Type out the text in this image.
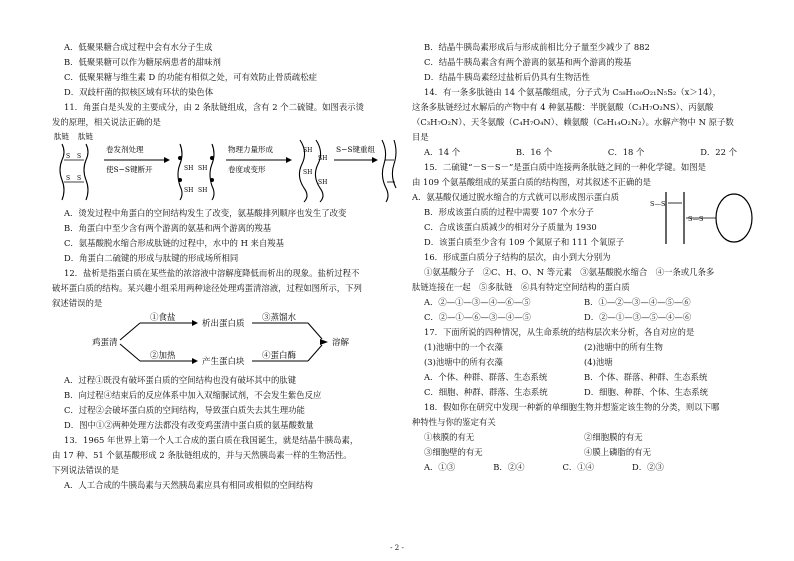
A．低聚果糖合成过程中会有水分子生成
B．低聚果糖可以作为糖尿病患者的甜味剂
C．低聚果糖与维生素 D 的功能有相似之处，可有效防止骨质疏松症
D．双歧杆菌的拟核区域有环状的染色体
11．角蛋白是头发的主要成分，由 2 条肽链组成，含有 2 个二硫键。如图表示烫
发的原理，相关说法正确的是
肽链 肽链
S S
S S
卷发剂处理
使S−S键断开	SH SH
SH SH
物理力量形成
卷度或变形
SH
SH
SH
SH
S−S键重组
A．烫发过程中角蛋白的空间结构发生了改变，氨基酸排列顺序也发生了改变
B．角蛋白中至少含有两个游离的氨基和两个游离的羧基
C．氨基酸脱水缩合形成肽链的过程中，水中的 H 来自羧基
D．角蛋白二硫键的形成与肽键的形成场所相同
12．盐析是指蛋白质在某些盐的浓溶液中溶解度降低而析出的现象。盐析过程不
破坏蛋白质的结构。某兴趣小组采用两种途径处理鸡蛋清溶液，过程如图所示，下列
叙述错误的是
鸡蛋清
①食盐
析出蛋白质
③蒸馏水
②加热
产生蛋白块
④蛋白酶
溶解
A．过程①既没有破坏蛋白质的空间结构也没有破坏其中的肽键
B．向过程④结束后的反应体系中加入双缩脲试剂，不会发生紫色反应
C．过程②会破坏蛋白质的空间结构，导致蛋白质失去其生理功能
D．图中①②两种处理方法都没有改变鸡蛋清中蛋白质的氨基酸数量
13．1965 年世界上第一个人工合成的蛋白质在我国诞生，就是结晶牛胰岛素，
由 17 种、51 个氨基酸形成 2 条肽链组成的，并与天然胰岛素一样的生物活性。
下列说法错误的是
A．人工合成的牛胰岛素与天然胰岛素应具有相同或相似的空间结构
B．结晶牛胰岛素形成后与形成前相比分子量至少减少了 882
C．结晶牛胰岛素含有两个游离的氨基和两个游离的羧基
D．结晶牛胰岛素经过盐析后仍具有生物活性
14．有一条多肽链由 14 个氨基酸组成，分子式为 C₅₈H₁₀₀O₂₁N₅S₂（x＞14），
这条多肽链经过水解后的产物中有 4 种氨基酸：半胱氨酸（C₃H₇O₂NS）、丙氨酸
（C₃H₇O₂N）、天冬氨酸（C₄H₇O₄N）、赖氨酸（C₆H₁₄O₂N₂）。水解产物中 N 原子数
目是
A．14 个	B．16 个	C．18 个	D．22 个
15．二硫键“－S－S－”是蛋白质中连接两条肽链之间的一种化学键。如图是
由 109 个氨基酸组成的某蛋白质的结构图，对其叙述不正确的是
A．氨基酸仅通过脱水缩合的方式就可以形成图示蛋白质
B．形成该蛋白质的过程中需要 107 个水分子
C．合成该蛋白质减少的相对分子质量为 1930
D．该蛋白质至少含有 109 个氮原子和 111 个氧原子
S—S
S—S
16．形成蛋白质分子结构的层次，由小到大分别为
①氨基酸分子　②C、H、O、N 等元素　③氨基酸脱水缩合　④一条或几条多
肽链连接在一起　⑤多肽链　⑥具有特定空间结构的蛋白质
A．②—①—③—④—⑥—⑤	B．①—②—③—④—⑤—⑥
C．②—①—⑥—③—④—⑤	D．②—①—③—⑤—④—⑥
17．下面所说的四种情况，从生命系统的结构层次来分析，各自对应的是
(1)池塘中的一个衣藻	(2)池塘中的所有生物
(3)池塘中的所有衣藻	(4)池塘
A．个体、种群、群落、生态系统	B．个体、群落、种群、生态系统
C．细胞、种群、群落、生态系统	D．细胞、种群、个体、生态系统
18．假如你在研究中发现一种新的单细胞生物并想鉴定该生物的分类，则以下哪
种特性与你的鉴定有关
①核膜的有无	②细胞膜的有无
③细胞壁的有无	④膜上磷脂的有无
A．①③	B．②④	C．①④	D．②③
- 2 -
